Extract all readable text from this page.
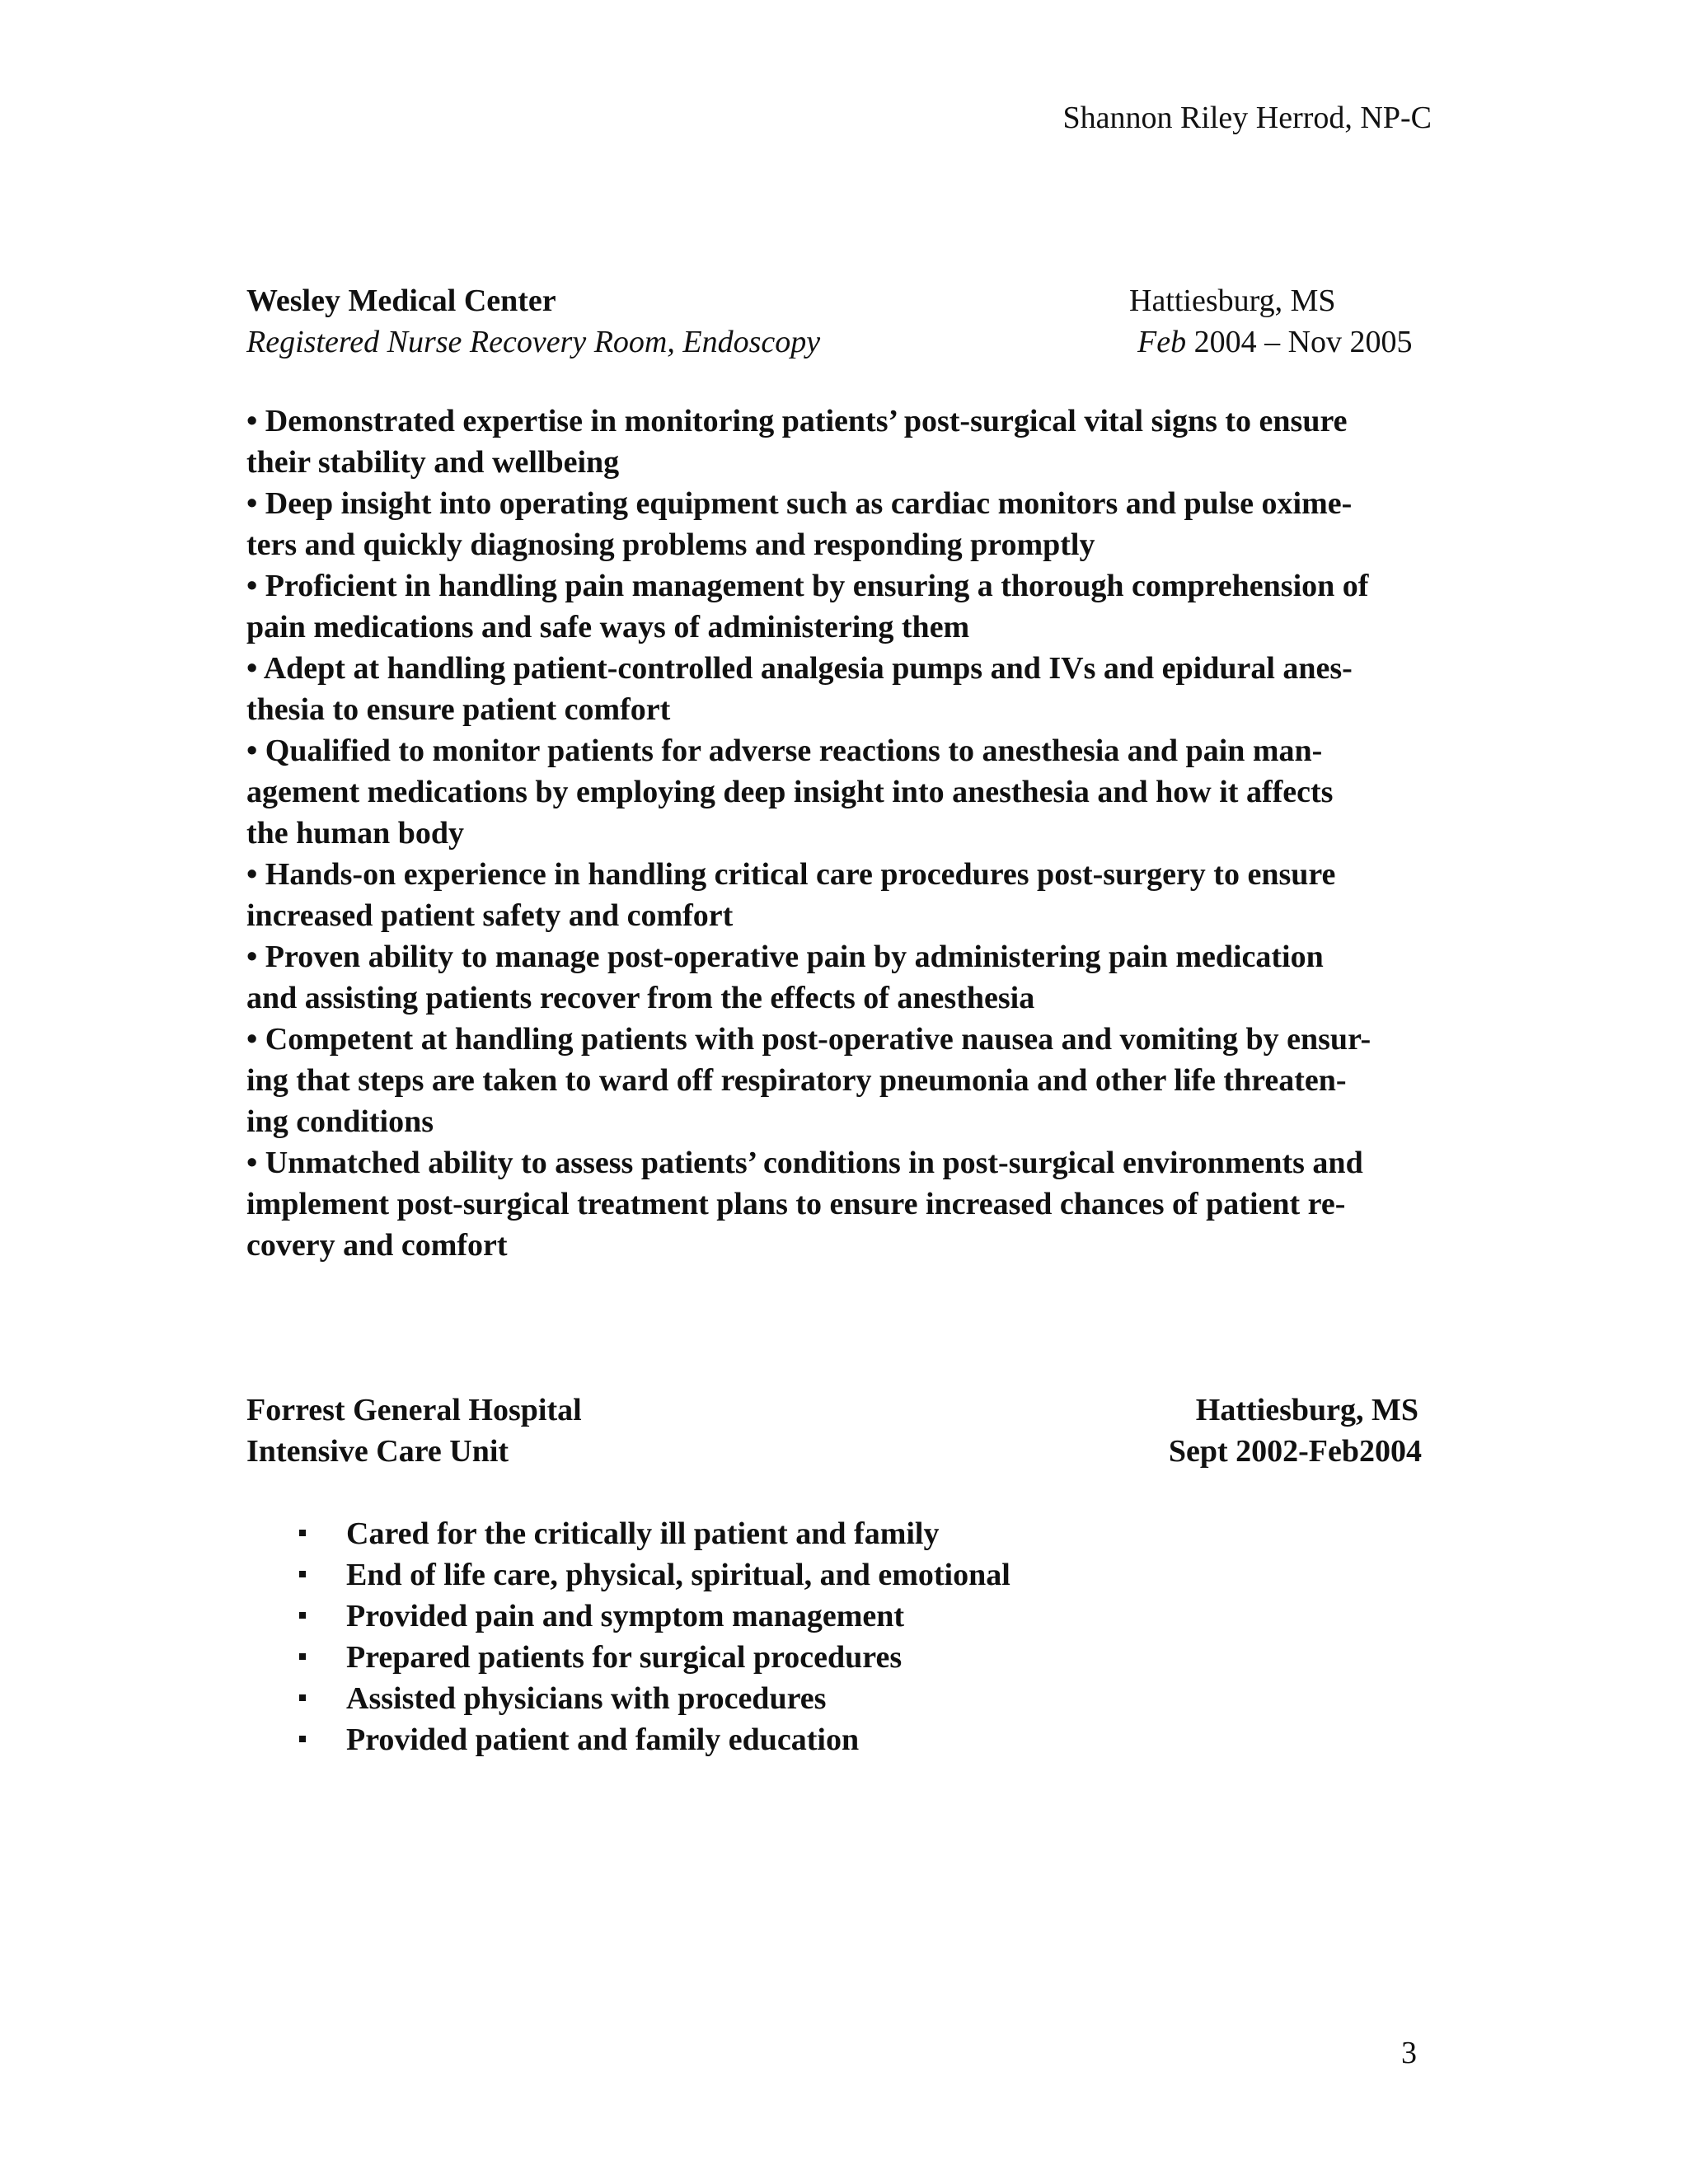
Shannon Riley Herrod, NP-C
Wesley Medical Center	Hattiesburg, MS
Registered Nurse Recovery Room, Endoscopy	Feb 2004 – Nov 2005

• Demonstrated expertise in monitoring patients’ post-surgical vital signs to ensure

their stability and wellbeing

• Deep insight into operating equipment such as cardiac monitors and pulse oxime-

ters and quickly diagnosing problems and responding promptly

• Proficient in handling pain management by ensuring a thorough comprehension of

pain medications and safe ways of administering them

• Adept at handling patient-controlled analgesia pumps and IVs and epidural anes-

thesia to ensure patient comfort

• Qualified to monitor patients for adverse reactions to anesthesia and pain man-

agement medications by employing deep insight into anesthesia and how it affects

the human body

• Hands-on experience in handling critical care procedures post-surgery to ensure

increased patient safety and comfort

• Proven ability to manage post-operative pain by administering pain medication

and assisting patients recover from the effects of anesthesia

• Competent at handling patients with post-operative nausea and vomiting by ensur-

ing that steps are taken to ward off respiratory pneumonia and other life threaten-

ing conditions

• Unmatched ability to assess patients’ conditions in post-surgical environments and

implement post-surgical treatment plans to ensure increased chances of patient re-

covery and comfort

Forrest General Hospital	Hattiesburg, MS
Intensive Care Unit	Sept 2002-Feb2004
Cared for the critically ill patient and family
End of life care, physical, spiritual, and emotional
Provided pain and symptom management
Prepared patients for surgical procedures
Assisted physicians with procedures
Provided patient and family education
3
